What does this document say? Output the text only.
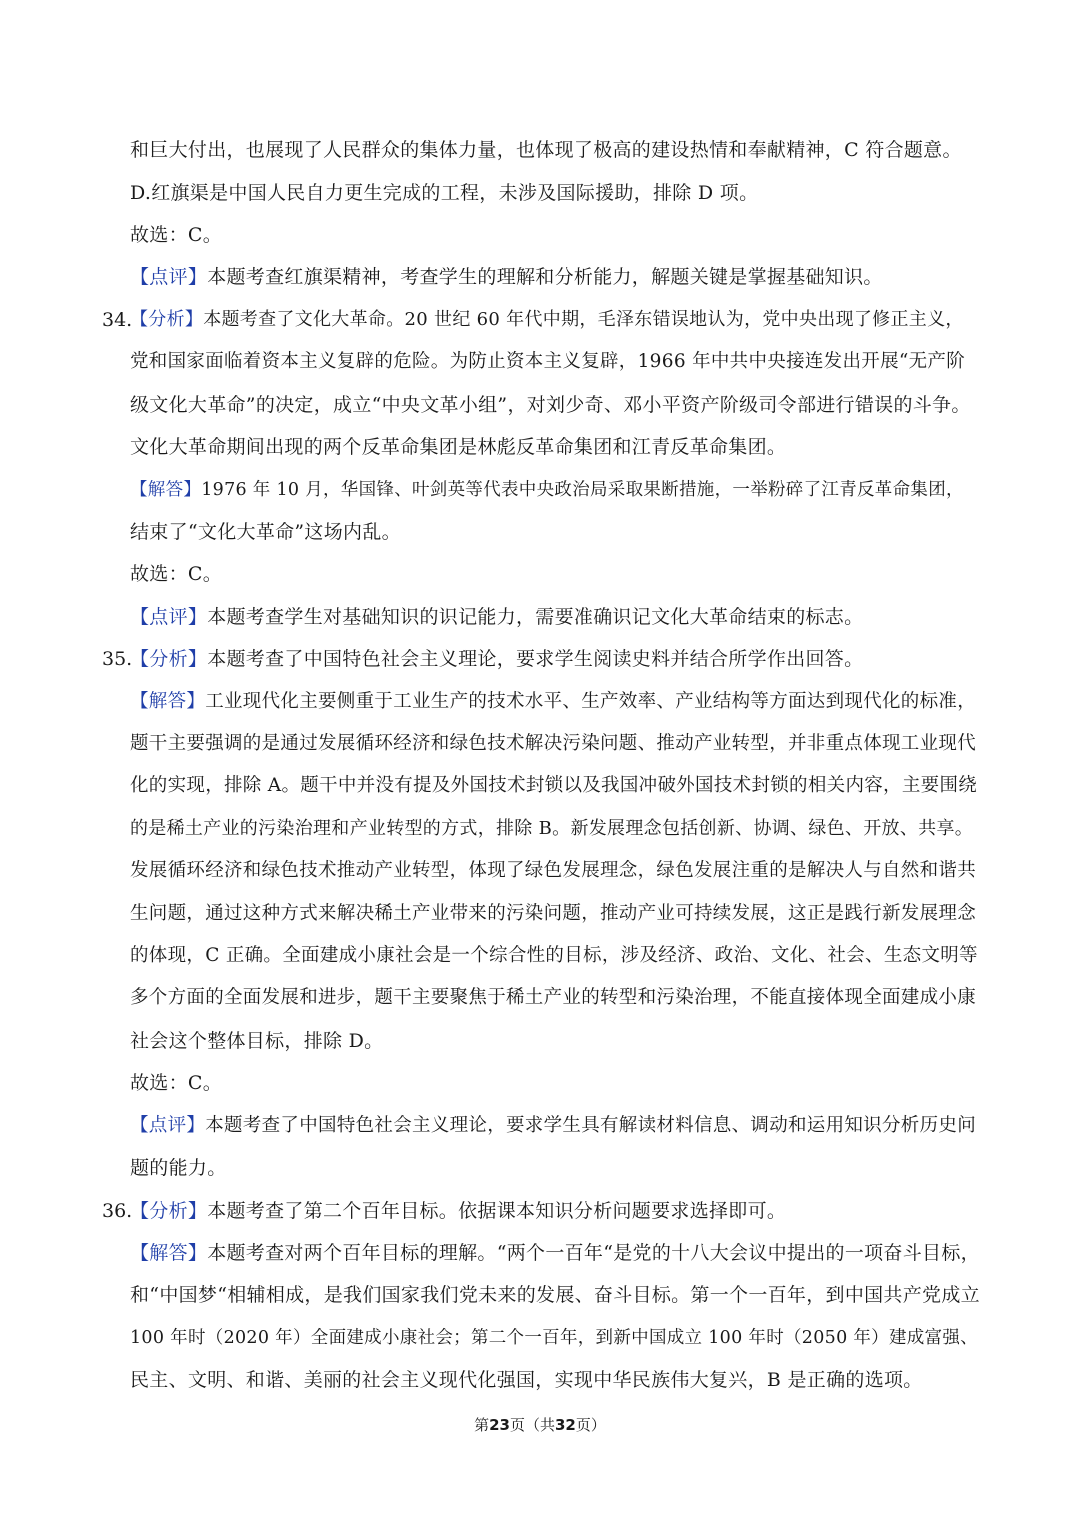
和巨大付出，也展现了人民群众的集体力量，也体现了极高的建设热情和奉献精神，C 符合题意。
D.红旗渠是中国人民自力更生完成的工程，未涉及国际援助，排除 D 项。
故选：C。
【点评】本题考查红旗渠精神，考查学生的理解和分析能力，解题关键是掌握基础知识。
34.
【分析】本题考查了文化大革命。20 世纪 60 年代中期，毛泽东错误地认为，党中央出现了修正主义，
党和国家面临着资本主义复辟的危险。为防止资本主义复辟，1966 年中共中央接连发出开展“无产阶
级文化大革命”的决定，成立“中央文革小组”，对刘少奇、邓小平资产阶级司令部进行错误的斗争。
文化大革命期间出现的两个反革命集团是林彪反革命集团和江青反革命集团。
【解答】1976 年 10 月，华国锋、叶剑英等代表中央政治局采取果断措施，一举粉碎了江青反革命集团，
结束了“文化大革命”这场内乱。
故选：C。
【点评】本题考查学生对基础知识的识记能力，需要准确识记文化大革命结束的标志。
35.
【分析】本题考查了中国特色社会主义理论，要求学生阅读史料并结合所学作出回答。
【解答】工业现代化主要侧重于工业生产的技术水平、生产效率、产业结构等方面达到现代化的标准，
题干主要强调的是通过发展循环经济和绿色技术解决污染问题、推动产业转型，并非重点体现工业现代
化的实现，排除 A。题干中并没有提及外国技术封锁以及我国冲破外国技术封锁的相关内容，主要围绕
的是稀土产业的污染治理和产业转型的方式，排除 B。新发展理念包括创新、协调、绿色、开放、共享。
发展循环经济和绿色技术推动产业转型，体现了绿色发展理念，绿色发展注重的是解决人与自然和谐共
生问题，通过这种方式来解决稀土产业带来的污染问题，推动产业可持续发展，这正是践行新发展理念
的体现，C 正确。全面建成小康社会是一个综合性的目标，涉及经济、政治、文化、社会、生态文明等
多个方面的全面发展和进步，题干主要聚焦于稀土产业的转型和污染治理，不能直接体现全面建成小康
社会这个整体目标，排除 D。
故选：C。
【点评】本题考查了中国特色社会主义理论，要求学生具有解读材料信息、调动和运用知识分析历史问
题的能力。
36.
【分析】本题考查了第二个百年目标。依据课本知识分析问题要求选择即可。
【解答】本题考查对两个百年目标的理解。“两个一百年“是党的十八大会议中提出的一项奋斗目标，
和“中国梦“相辅相成，是我们国家我们党未来的发展、奋斗目标。第一个一百年，到中国共产党成立
100 年时（2020 年）全面建成小康社会；第二个一百年，到新中国成立 100 年时（2050 年）建成富强、
民主、文明、和谐、美丽的社会主义现代化强国，实现中华民族伟大复兴，B 是正确的选项。
第23页（共32页）
